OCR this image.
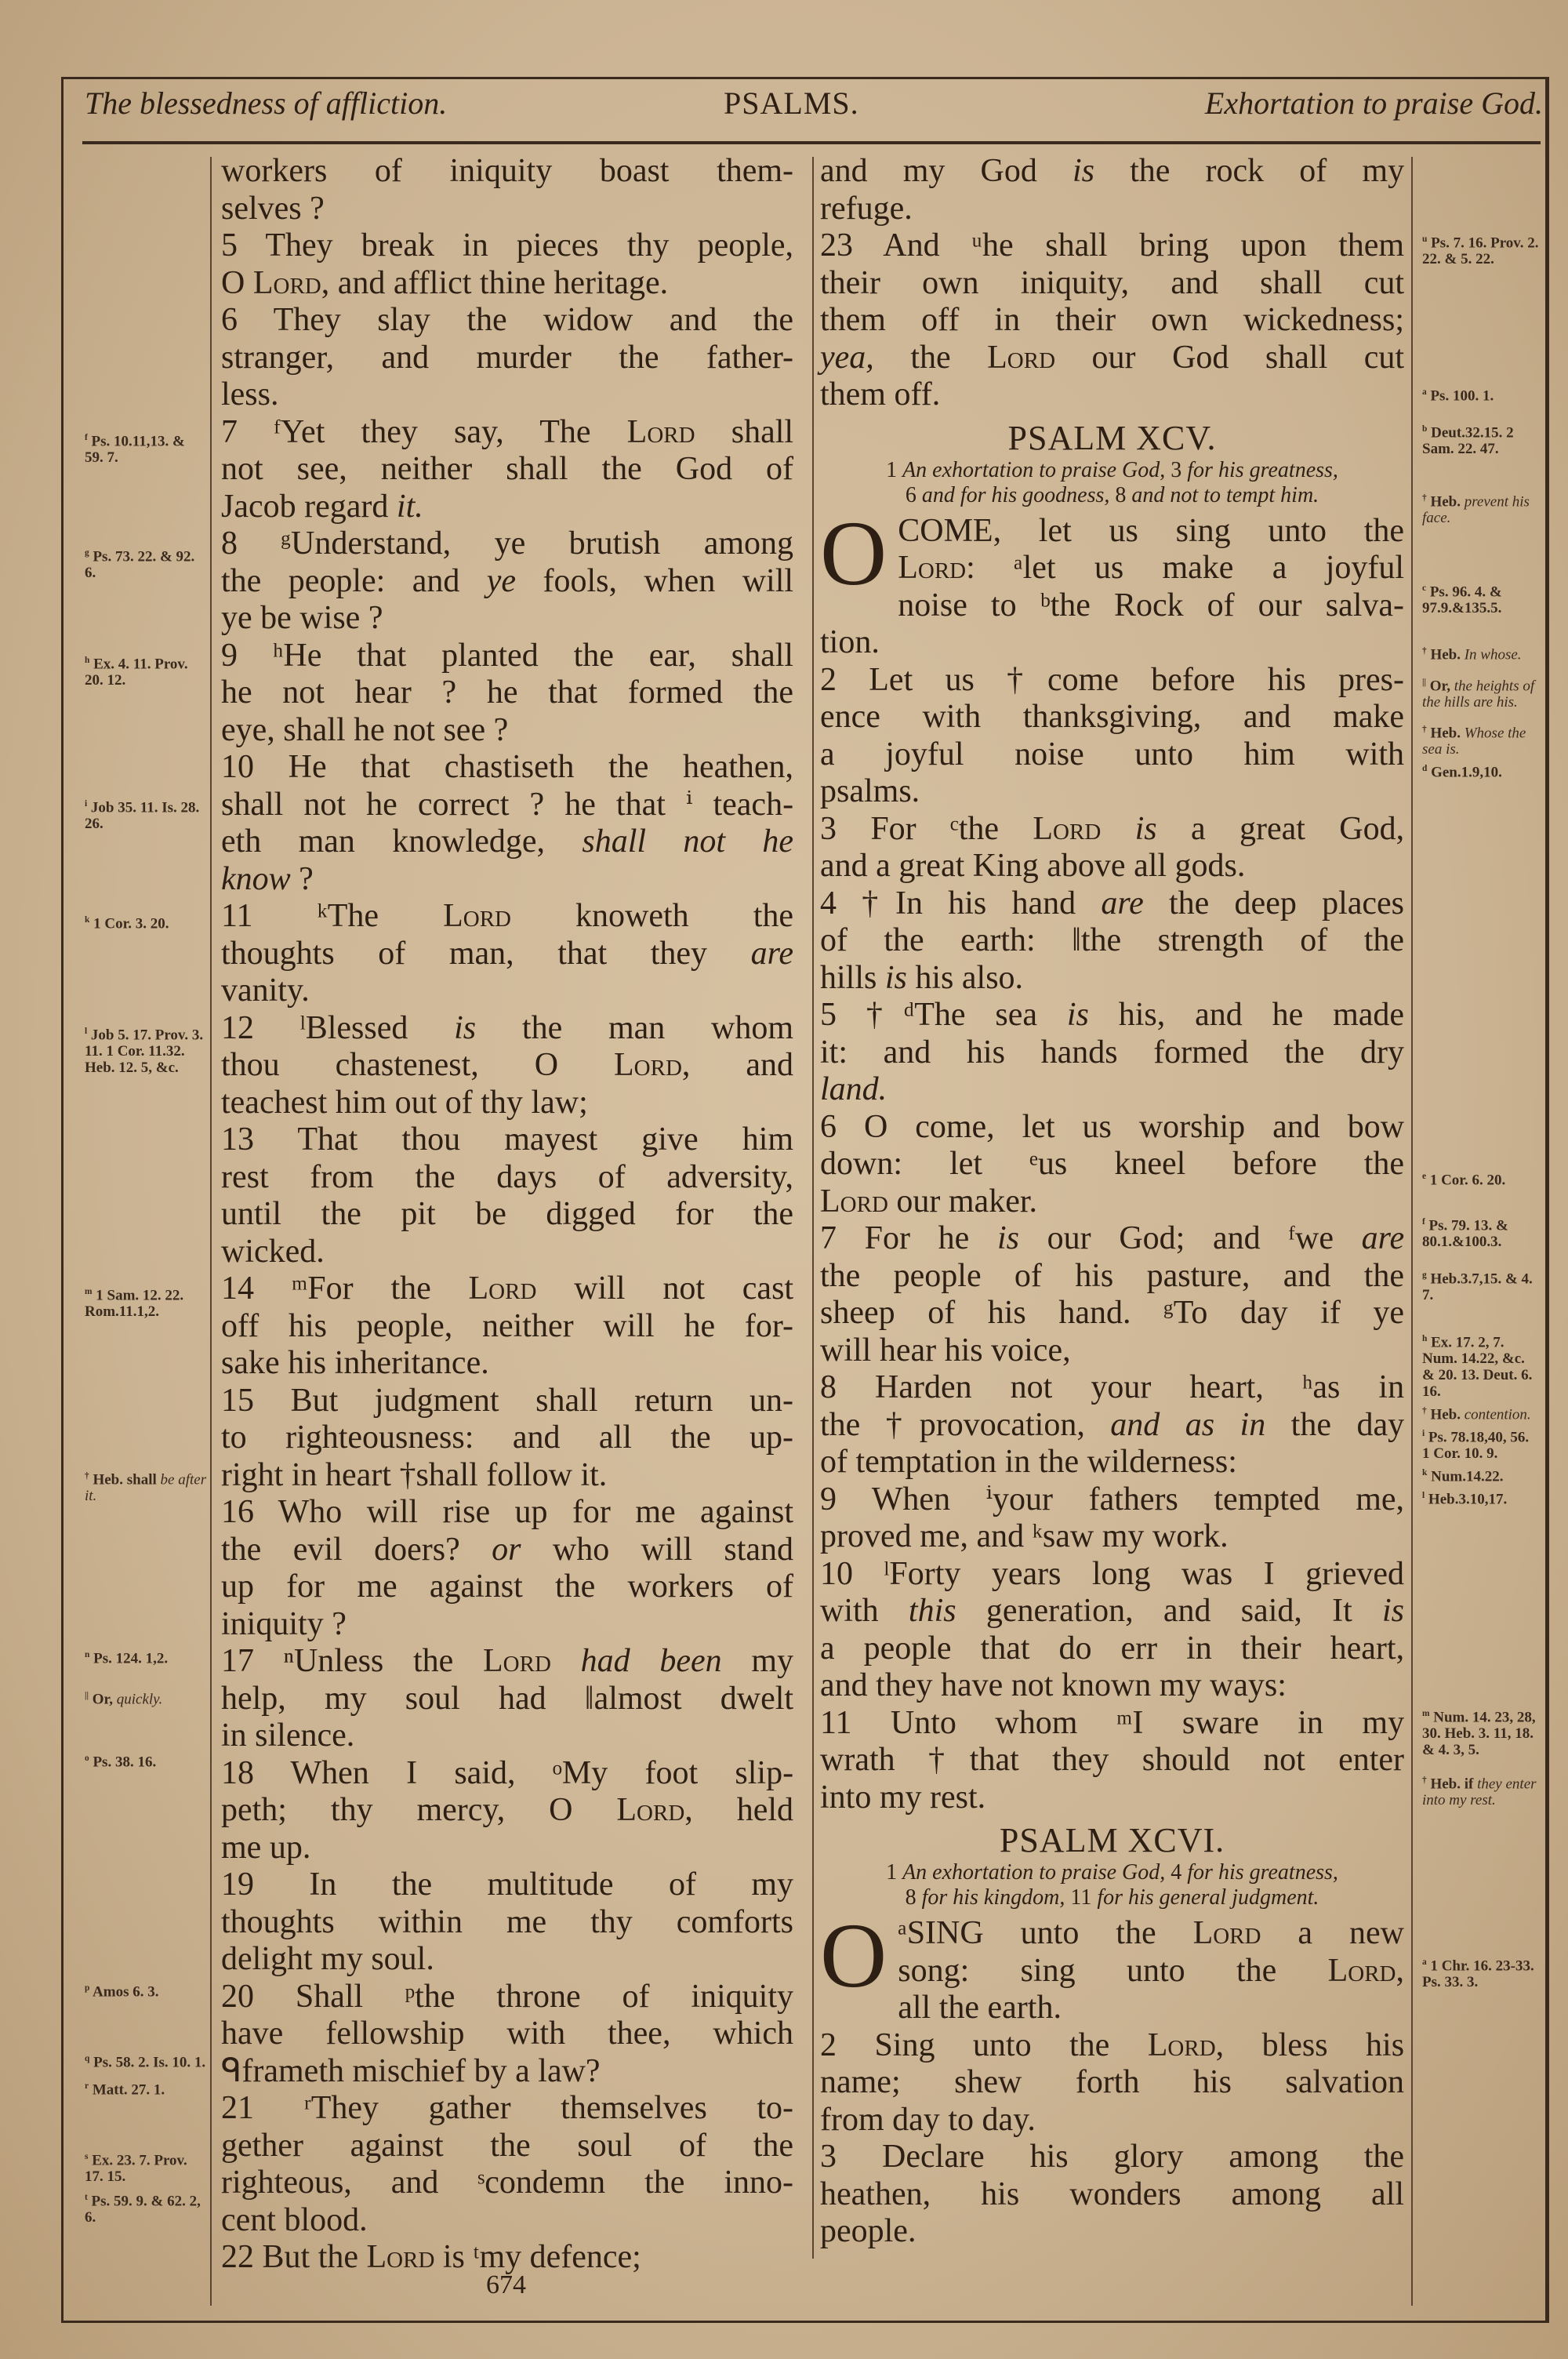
The blessedness of affliction.	PSALMS.	Exhortation to praise God.
$^f$ Ps. 10.11,13. & 59. 7.
$^g$ Ps. 73. 22. & 92. 6.
$^h$ Ex. 4. 11. Prov. 20. 12.
$^i$ Job 35. 11. Is. 28. 26.
$^k$ 1 Cor. 3. 20.
$^l$ Job 5. 17. Prov. 3. 11. 1 Cor. 11.32. Heb. 12. 5, &c.
$^m$ 1 Sam. 12. 22. Rom.11.1,2.
† Heb. shall be after it.
$^n$ Ps. 124. 1,2.
|| Or, quickly.
$^o$ Ps. 38. 16.
$^p$ Amos 6. 3.
$^q$ Ps. 58. 2. Is. 10. 1.
$^r$ Matt. 27. 1.
$^s$ Ex. 23. 7. Prov. 17. 15.
$^t$ Ps. 59. 9. & 62. 2, 6.
$^u$ Ps. 7. 16. Prov. 2. 22. & 5. 22.
$^a$ Ps. 100. 1.
$^b$ Deut.32.15. 2 Sam. 22. 47.
† Heb. prevent his face.
$^c$ Ps. 96. 4. & 97.9.&135.5.
† Heb. In whose.
|| Or, the heights of the hills are his.
† Heb. Whose the sea is.
$^d$ Gen.1.9,10.
$^e$ 1 Cor. 6. 20.
$^f$ Ps. 79. 13. & 80.1.&100.3.
$^g$ Heb.3.7,15. & 4. 7.
$^h$ Ex. 17. 2, 7. Num. 14.22, &c. & 20. 13. Deut. 6. 16.
† Heb. contention.
$^i$ Ps. 78.18,40, 56. 1 Cor. 10. 9.
$^k$ Num.14.22.
$^l$ Heb.3.10,17.
$^m$ Num. 14. 23, 28, 30. Heb. 3. 11, 18. & 4. 3, 5.
† Heb. if they enter into my rest.
$^a$ 1 Chr. 16. 23-33. Ps. 33. 3.
workers of iniquity boast them-
selves ?
5 They break in pieces thy people,
O Lord, and afflict thine heritage.
6 They slay the widow and the
stranger, and murder the father-
less.
7 ᶠYet they say, The Lord shall
not see, neither shall the God of
Jacob regard it.
8 ᵍUnderstand, ye brutish among
the people: and ye fools, when will
ye be wise ?
9 ʰHe that planted the ear, shall
he not hear ? he that formed the
eye, shall he not see ?
10 He that chastiseth the heathen,
shall not he correct ? he that ⁱ teach-
eth man knowledge, shall not he
know ?
11 ᵏThe Lord knoweth the
thoughts of man, that they are
vanity.
12 ˡBlessed is the man whom
thou chastenest, O Lord, and
teachest him out of thy law;
13 That thou mayest give him
rest from the days of adversity,
until the pit be digged for the
wicked.
14 ᵐFor the Lord will not cast
off his people, neither will he for-
sake his inheritance.
15 But judgment shall return un-
to righteousness: and all the up-
right in heart †shall follow it.
16 Who will rise up for me against
the evil doers? or who will stand
up for me against the workers of
iniquity ?
17 ⁿUnless the Lord had been my
help, my soul had ‖almost dwelt
in silence.
18 When I said, ᵒMy foot slip-
peth; thy mercy, O Lord, held
me up.
19 In the multitude of my
thoughts within me thy comforts
delight my soul.
20 Shall ᵖthe throne of iniquity
have fellowship with thee, which
ᑫframeth mischief by a law?
21 ʳThey gather themselves to-
gether against the soul of the
righteous, and ˢcondemn the inno-
cent blood.
22 But the Lord is ᵗmy defence;
and my God is the rock of my
refuge.
23 And ᵘhe shall bring upon them
their own iniquity, and shall cut
them off in their own wickedness;
yea, the Lord our God shall cut
them off.
PSALM XCV.
1 An exhortation to praise God, 3 for his greatness,
6 and for his goodness, 8 and not to tempt him.
O COME, let us sing unto the
Lord: ᵃlet us make a joyful
noise to ᵇthe Rock of our salva-
tion.
2 Let us †come before his pres-
ence with thanksgiving, and make
a joyful noise unto him with
psalms.
3 For ᶜthe Lord is a great God,
and a great King above all gods.
4 †In his hand are the deep places
of the earth: ‖the strength of the
hills is his also.
5 †ᵈThe sea is his, and he made
it: and his hands formed the dry
land.
6 O come, let us worship and bow
down: let ᵉus kneel before the
Lord our maker.
7 For he is our God; and ᶠwe are
the people of his pasture, and the
sheep of his hand. ᵍTo day if ye
will hear his voice,
8 Harden not your heart, ʰas in
the †provocation, and as in the day
of temptation in the wilderness:
9 When ⁱyour fathers tempted me,
proved me, and ᵏsaw my work.
10 ˡForty years long was I grieved
with this generation, and said, It is
a people that do err in their heart,
and they have not known my ways:
11 Unto whom ᵐI sware in my
wrath †that they should not enter
into my rest.
PSALM XCVI.
1 An exhortation to praise God, 4 for his greatness,
8 for his kingdom, 11 for his general judgment.
O ᵃSING unto the Lord a new
song: sing unto the Lord,
all the earth.
2 Sing unto the Lord, bless his
name; shew forth his salvation
from day to day.
3 Declare his glory among the
heathen, his wonders among all
people.
674
